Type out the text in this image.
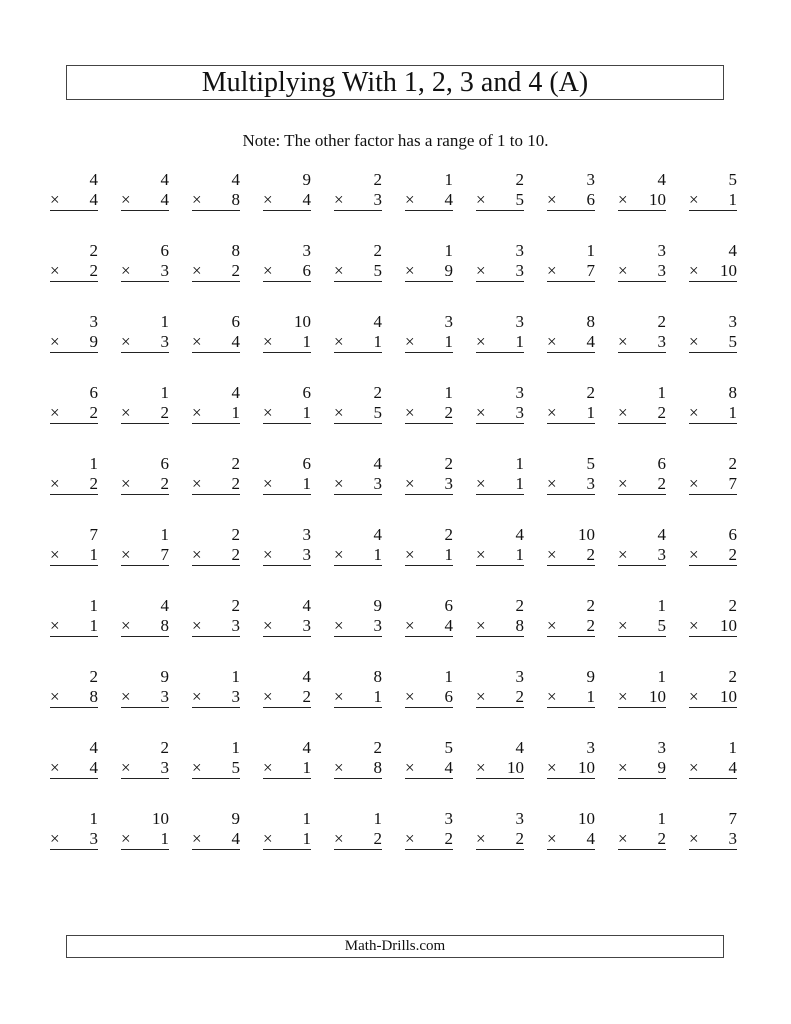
Multiplying With 1, 2, 3 and 4 (A)
Note: The other factor has a range of 1 to 10.
4
× 4
4
× 4
4
× 8
9
× 4
2
× 3
1
× 4
2
× 5
3
× 6
4
× 10
5
× 1
2
× 2
6
× 3
8
× 2
3
× 6
2
× 5
1
× 9
3
× 3
1
× 7
3
× 3
4
× 10
3
× 9
1
× 3
6
× 4
10
× 1
4
× 1
3
× 1
3
× 1
8
× 4
2
× 3
3
× 5
6
× 2
1
× 2
4
× 1
6
× 1
2
× 5
1
× 2
3
× 3
2
× 1
1
× 2
8
× 1
1
× 2
6
× 2
2
× 2
6
× 1
4
× 3
2
× 3
1
× 1
5
× 3
6
× 2
2
× 7
7
× 1
1
× 7
2
× 2
3
× 3
4
× 1
2
× 1
4
× 1
10
× 2
4
× 3
6
× 2
1
× 1
4
× 8
2
× 3
4
× 3
9
× 3
6
× 4
2
× 8
2
× 2
1
× 5
2
× 10
2
× 8
9
× 3
1
× 3
4
× 2
8
× 1
1
× 6
3
× 2
9
× 1
1
× 10
2
× 10
4
× 4
2
× 3
1
× 5
4
× 1
2
× 8
5
× 4
4
× 10
3
× 10
3
× 9
1
× 4
1
× 3
10
× 1
9
× 4
1
× 1
1
× 2
3
× 2
3
× 2
10
× 4
1
× 2
7
× 3
Math-Drills.com
